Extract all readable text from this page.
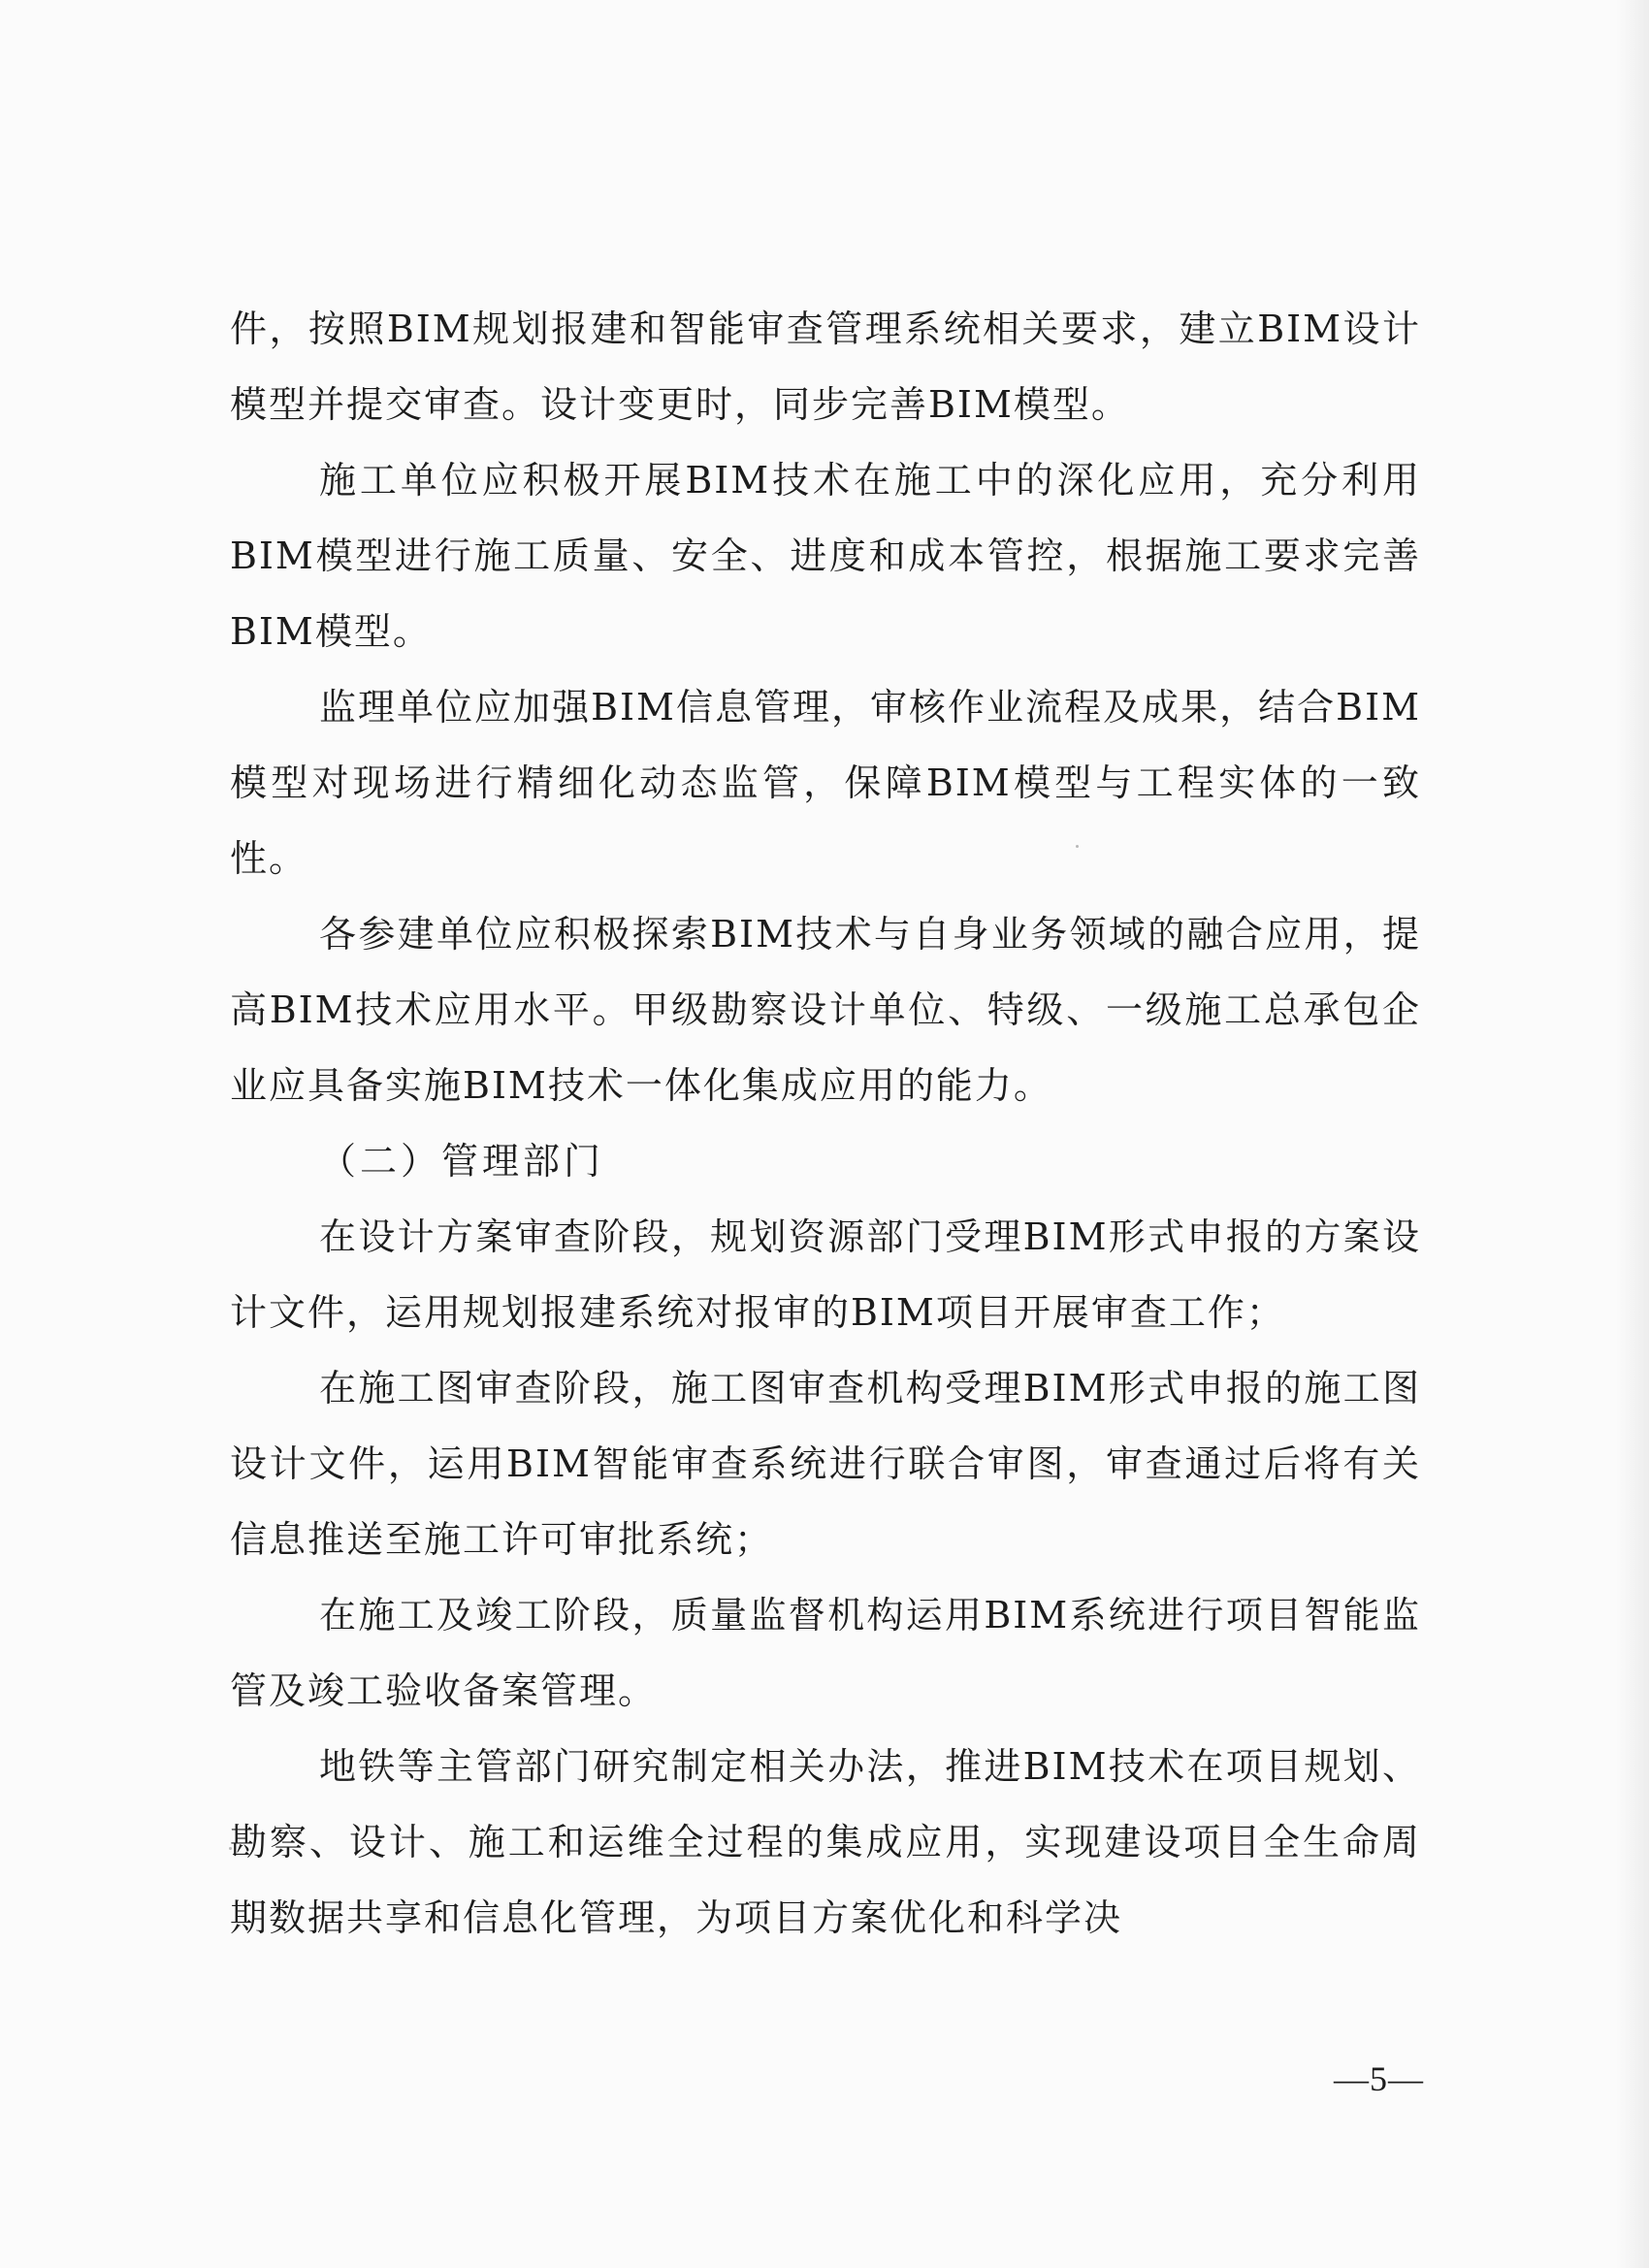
件，按照BIM规划报建和智能审查管理系统相关要求，建立BIM设计模型并提交审查。设计变更时，同步完善BIM模型。

施工单位应积极开展BIM技术在施工中的深化应用，充分利用BIM模型进行施工质量、安全、进度和成本管控，根据施工要求完善BIM模型。

监理单位应加强BIM信息管理，审核作业流程及成果，结合BIM模型对现场进行精细化动态监管，保障BIM模型与工程实体的一致性。

各参建单位应积极探索BIM技术与自身业务领域的融合应用，提高BIM技术应用水平。甲级勘察设计单位、特级、一级施工总承包企业应具备实施BIM技术一体化集成应用的能力。

（二）管理部门

在设计方案审查阶段，规划资源部门受理BIM形式申报的方案设计文件，运用规划报建系统对报审的BIM项目开展审查工作；

在施工图审查阶段，施工图审查机构受理BIM形式申报的施工图设计文件，运用BIM智能审查系统进行联合审图，审查通过后将有关信息推送至施工许可审批系统；

在施工及竣工阶段，质量监督机构运用BIM系统进行项目智能监管及竣工验收备案管理。

地铁等主管部门研究制定相关办法，推进BIM技术在项目规划、勘察、设计、施工和运维全过程的集成应用，实现建设项目全生命周期数据共享和信息化管理，为项目方案优化和科学决

—5—
